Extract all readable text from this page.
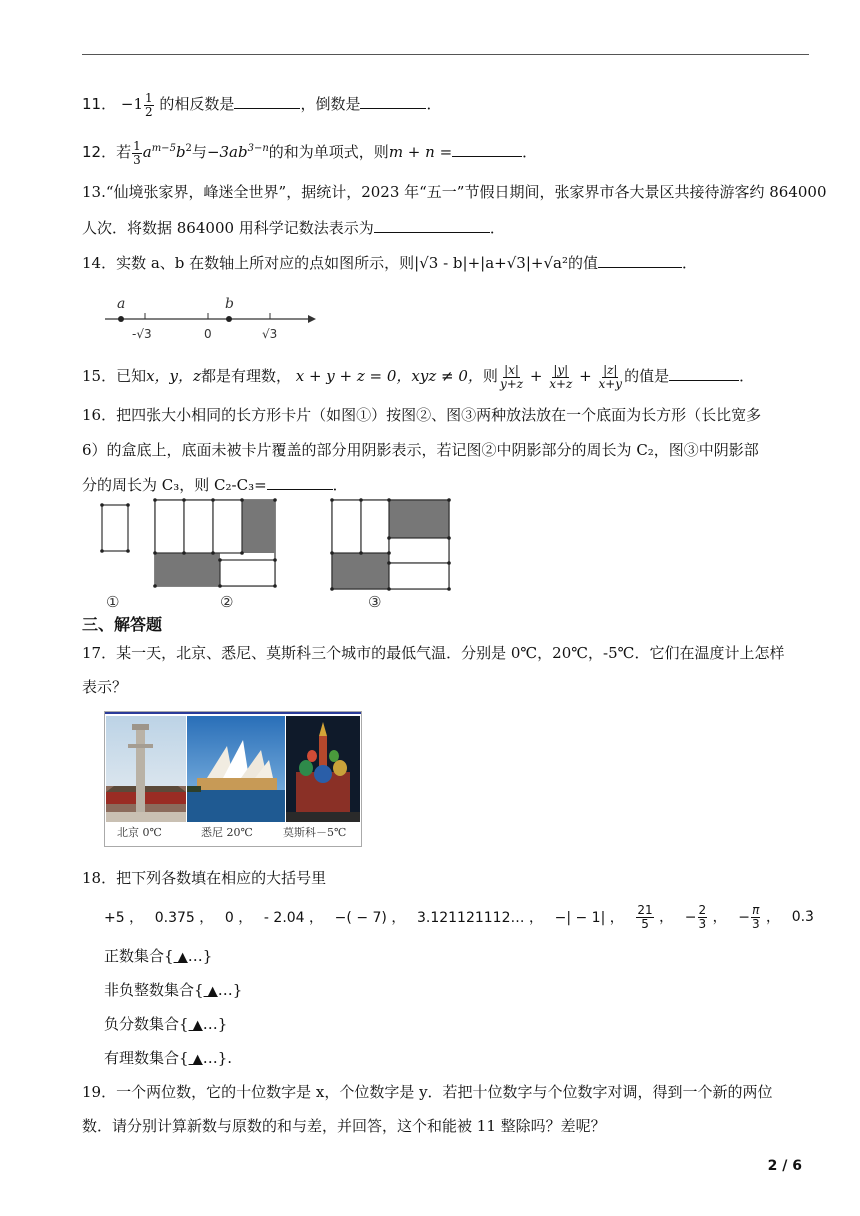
11． $-1 \frac{1}{2}$ 的相反数是	，倒数是	．
12．若 $\frac{1}{3} a^{m-5}b^2$与$-3ab^{3-n}$的和为单项式，则m + n =	．
13.“仙境张家界，峰迷全世界”，据统计，2023 年“五一”节假日期间，张家界市各大景区共接待游客约 864000
人次．将数据 864000 用科学记数法表示为	．
14．实数 a、b 在数轴上所对应的点如图所示，则|√3 - b|+|a+√3|+√a²的值	．
a	b
-√3	0	√3
15．已知x，y，z都是有理数， x + y + z = 0，xyz ≠ 0，则 $\frac{|x|}{y+z} + \frac{|y|}{x+z} + \frac{|z|}{x+y}$ 的值是	．
16．把四张大小相同的长方形卡片（如图①）按图②、图③两种放法放在一个底面为长方形（长比宽多
6）的盒底上，底面未被卡片覆盖的部分用阴影表示，若记图②中阴影部分的周长为 C₂，图③中阴影部
分的周长为 C₃，则 C₂-C₃=	．
①	②	③
三、解答题
17．某一天，北京、悉尼、莫斯科三个城市的最低气温．分别是 0℃，20℃，-5℃．它们在温度计上怎样
表示？
北京 0℃	悉尼 20℃	莫斯科－5℃
18．把下列各数填在相应的大括号里
+5 ， 0.375 ， 0 ， - 2.04 ， −( − 7) ， 3.121121112… ， −| − 1| ， $\frac{21}{5}$ ， − $\frac{2}{3}$ ， − $\frac{\pi}{3}$ ， 0.3̇
正数集合{ ▲…}
非负整数集合{ ▲…}
负分数集合{ ▲…}
有理数集合{ ▲…}.
19．一个两位数，它的十位数字是 x，个位数字是 y．若把十位数字与个位数字对调，得到一个新的两位
数．请分别计算新数与原数的和与差，并回答，这个和能被 11 整除吗？差呢？
2 / 6
